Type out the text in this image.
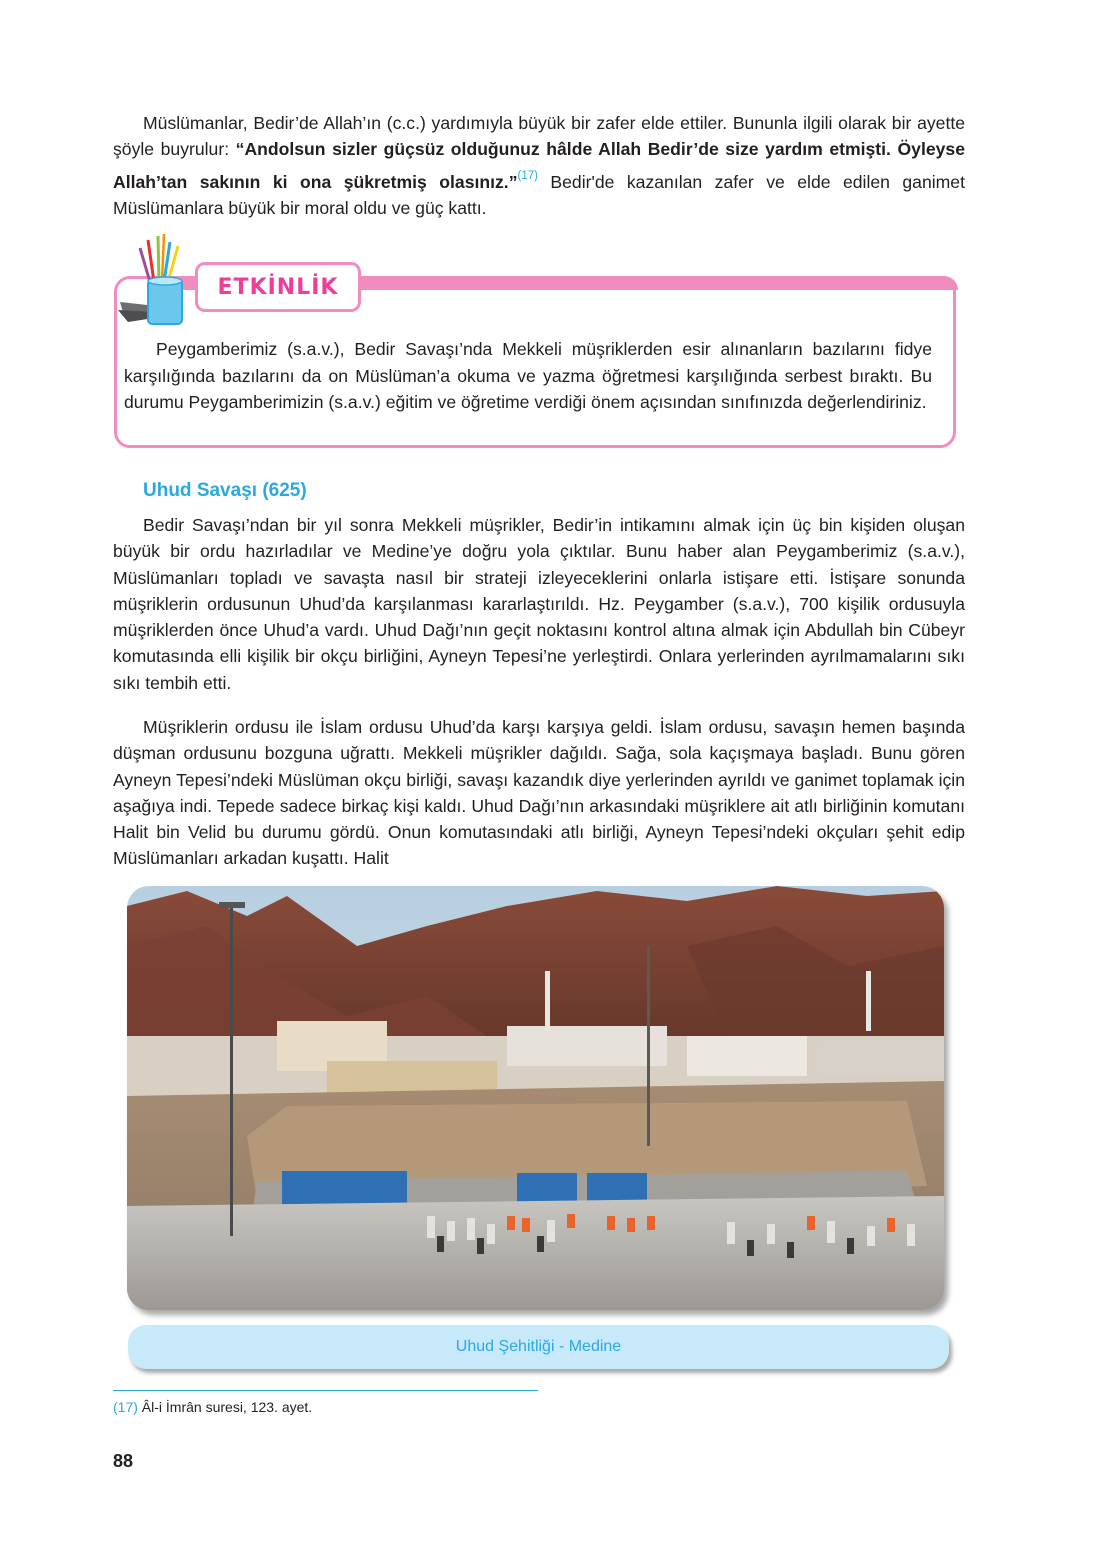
Müslümanlar, Bedir’de Allah’ın (c.c.) yardımıyla büyük bir zafer elde ettiler. Bununla ilgili olarak bir ayette şöyle buyrulur: “Andolsun sizler güçsüz olduğunuz hâlde Allah Bedir’de size yardım etmişti. Öyleyse Allah’tan sakının ki ona şükretmiş olasınız.”$^{(17)}$ Bedir'de kazanılan zafer ve elde edilen ganimet Müslümanlara büyük bir moral oldu ve güç kattı.

ETKİNLİK

Peygamberimiz (s.a.v.), Bedir Savaşı’nda Mekkeli müşriklerden esir alınanların bazılarını fidye karşılığında bazılarını da on Müslüman’a okuma ve yazma öğretmesi karşılığında serbest bıraktı. Bu durumu Peygamberimizin (s.a.v.) eğitim ve öğretime verdiği önem açısından sınıfınızda değerlendiriniz.

Uhud Savaşı (625)

Bedir Savaşı’ndan bir yıl sonra Mekkeli müşrikler, Bedir’in intikamını almak için üç bin kişiden oluşan büyük bir ordu hazırladılar ve Medine’ye doğru yola çıktılar. Bunu haber alan Peygamberimiz (s.a.v.), Müslümanları topladı ve savaşta nasıl bir strateji izleyeceklerini onlarla istişare etti. İstişare sonunda müşriklerin ordusunun Uhud’da karşılanması kararlaştırıldı. Hz. Peygamber (s.a.v.), 700 kişilik ordusuyla müşriklerden önce Uhud’a vardı. Uhud Dağı’nın geçit noktasını kontrol altına almak için Abdullah bin Cübeyr komutasında elli kişilik bir okçu birliğini, Ayneyn Tepesi’ne yerleştirdi. Onlara yerlerinden ayrılmamalarını sıkı sıkı tembih etti.

Müşriklerin ordusu ile İslam ordusu Uhud’da karşı karşıya geldi. İslam ordusu, savaşın hemen başında düşman ordusunu bozguna uğrattı. Mekkeli müşrikler dağıldı. Sağa, sola kaçışmaya başladı. Bunu gören Ayneyn Tepesi’ndeki Müslüman okçu birliği, savaşı kazandık diye yerlerinden ayrıldı ve ganimet toplamak için aşağıya indi. Tepede sadece birkaç kişi kaldı. Uhud Dağı’nın arkasındaki müşriklere ait atlı birliğinin komutanı Halit bin Velid bu durumu gördü. Onun komutasındaki atlı birliği, Ayneyn Tepesi’ndeki okçuları şehit edip Müslümanları arkadan kuşattı. Halit

Uhud Şehitliği - Medine
(17) Âl-i İmrân suresi, 123. ayet.
88
